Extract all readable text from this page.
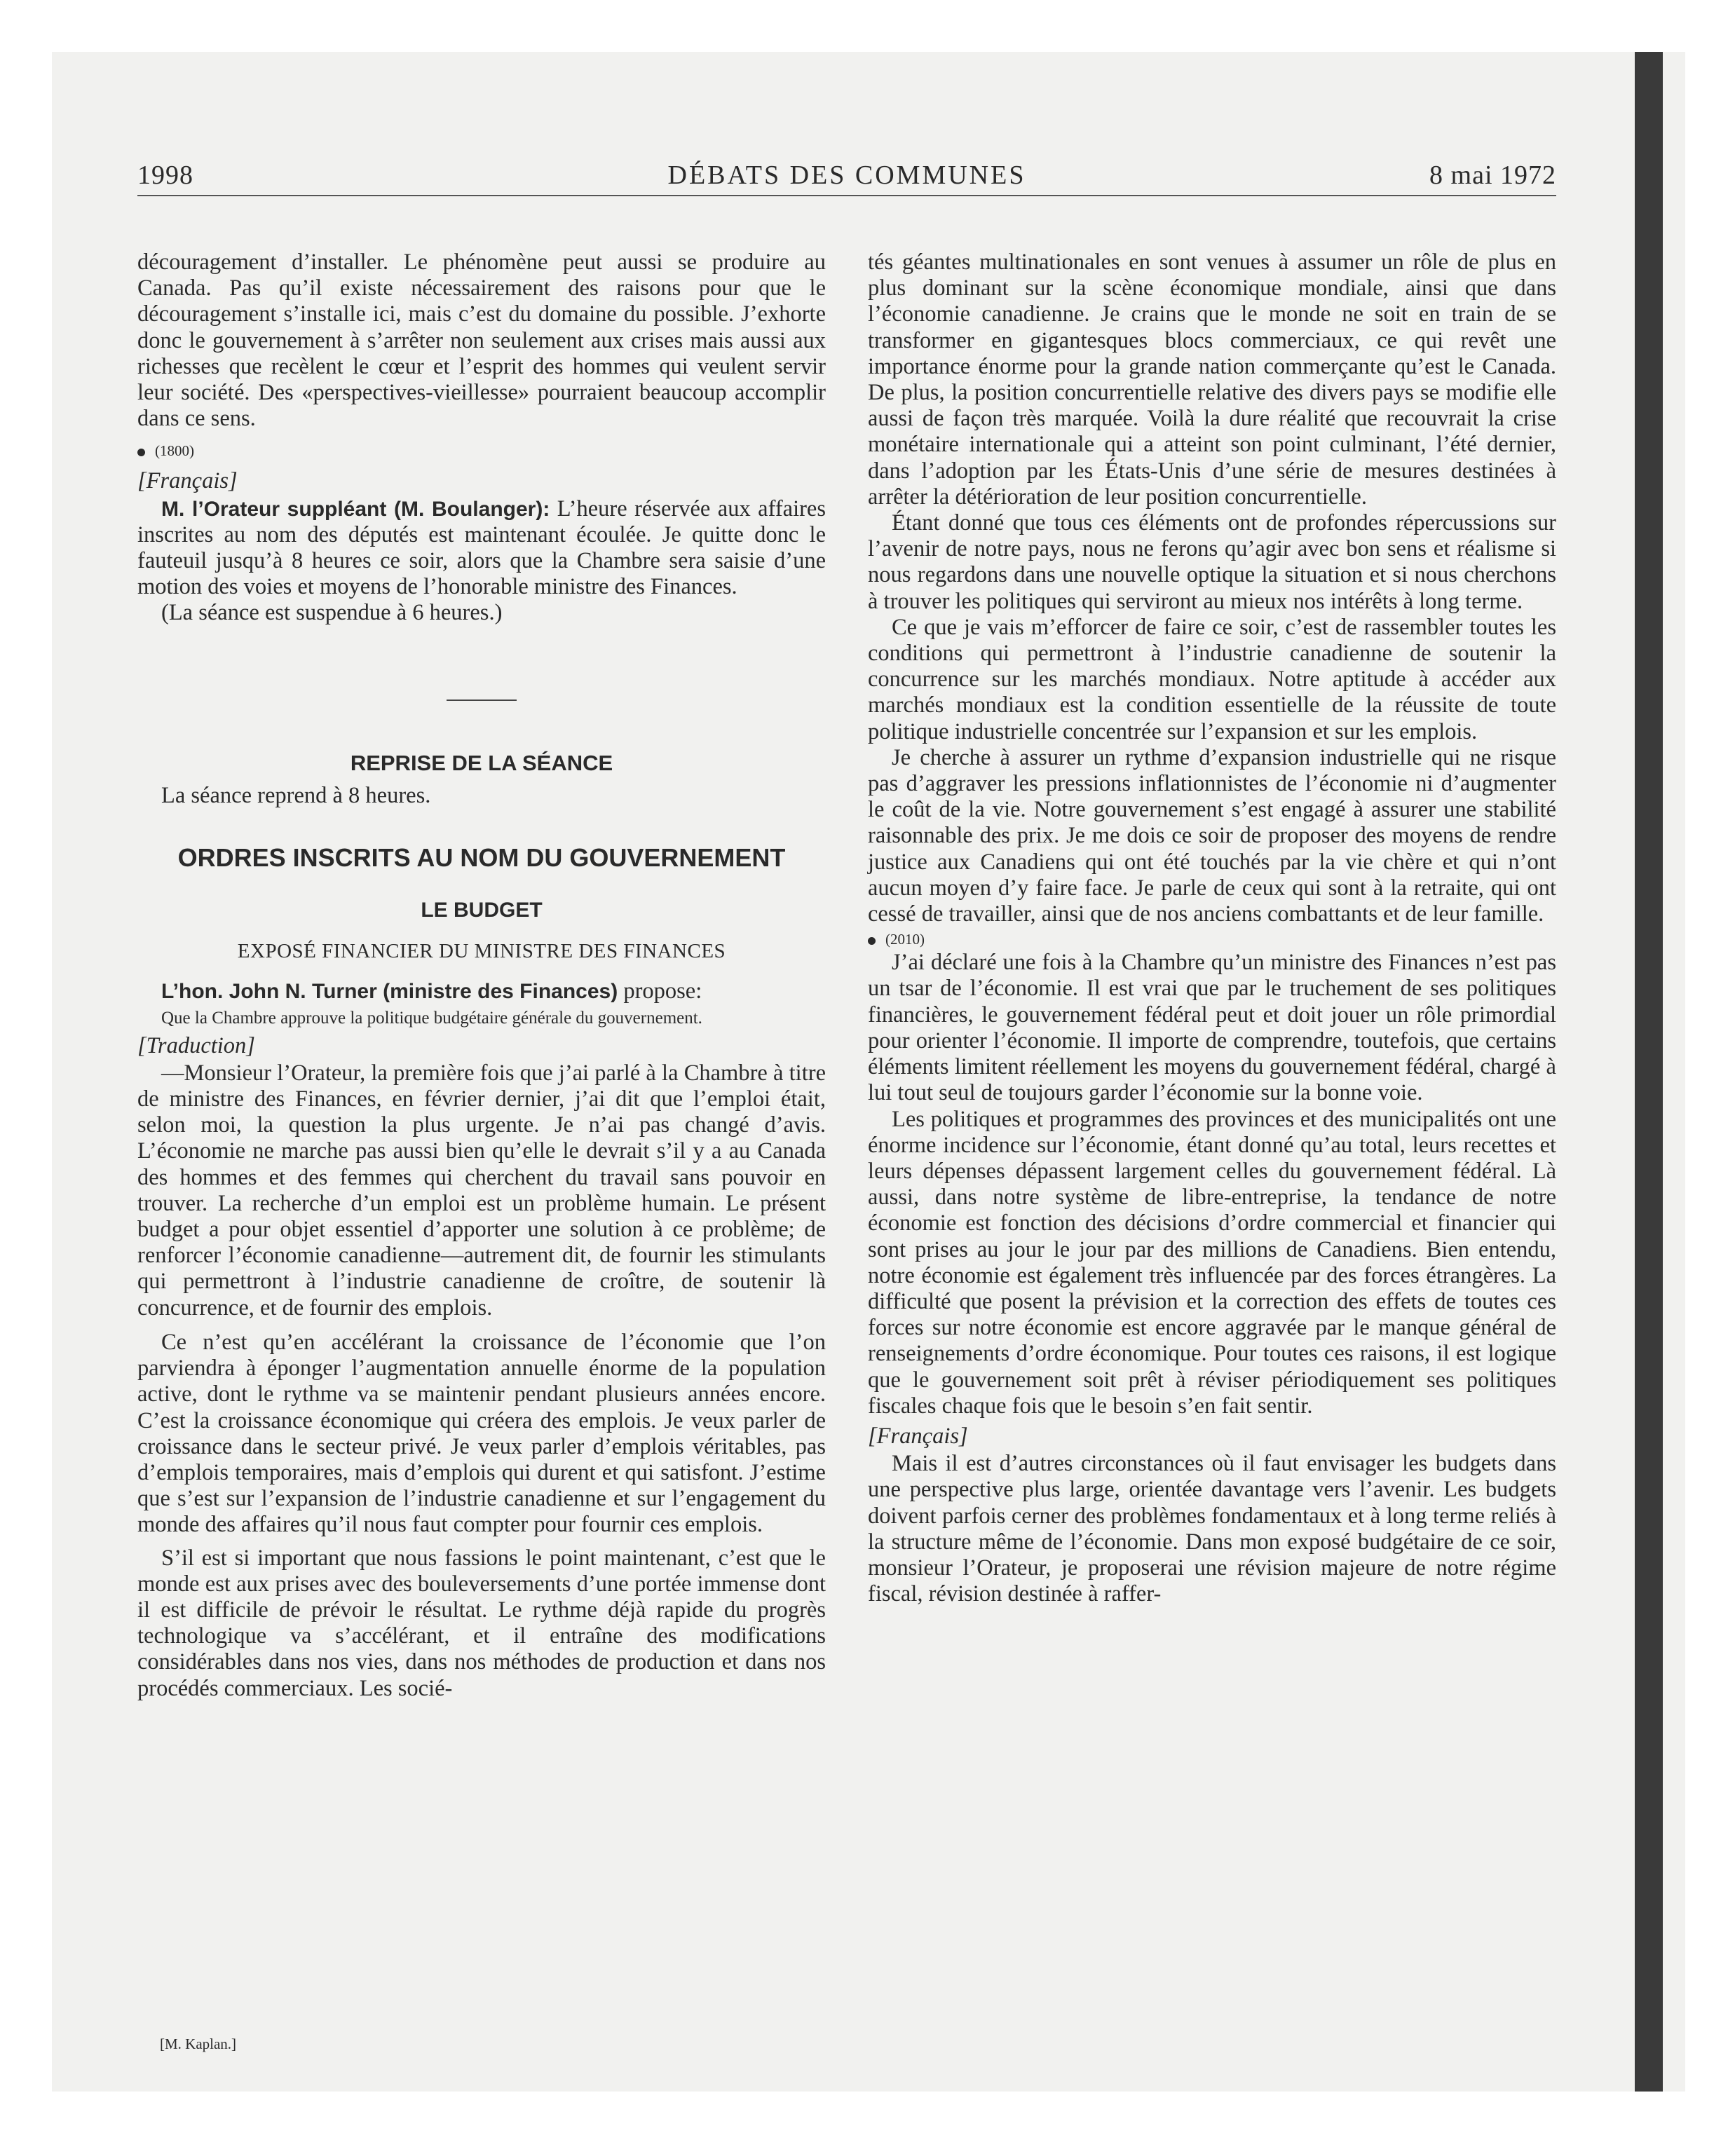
1998	DÉBATS DES COMMUNES	8 mai 1972

découragement d’installer. Le phénomène peut aussi se produire au Canada. Pas qu’il existe nécessairement des raisons pour que le découragement s’installe ici, mais c’est du domaine du possible. J’exhorte donc le gouvernement à s’arrêter non seulement aux crises mais aussi aux richesses que recèlent le cœur et l’esprit des hommes qui veulent servir leur société. Des «perspectives-vieillesse» pourraient beaucoup accomplir dans ce sens.

(1800)
[Français]

M. l’Orateur suppléant (M. Boulanger): L’heure réservée aux affaires inscrites au nom des députés est maintenant écoulée. Je quitte donc le fauteuil jusqu’à 8 heures ce soir, alors que la Chambre sera saisie d’une motion des voies et moyens de l’honorable ministre des Finances.

(La séance est suspendue à 6 heures.)

REPRISE DE LA SÉANCE

La séance reprend à 8 heures.

ORDRES INSCRITS AU NOM DU GOUVERNEMENT
LE BUDGET
EXPOSÉ FINANCIER DU MINISTRE DES FINANCES

L’hon. John N. Turner (ministre des Finances) propose:

Que la Chambre approuve la politique budgétaire générale du gouvernement.

[Traduction]

—Monsieur l’Orateur, la première fois que j’ai parlé à la Chambre à titre de ministre des Finances, en février dernier, j’ai dit que l’emploi était, selon moi, la question la plus urgente. Je n’ai pas changé d’avis. L’économie ne marche pas aussi bien qu’elle le devrait s’il y a au Canada des hommes et des femmes qui cherchent du travail sans pouvoir en trouver. La recherche d’un emploi est un problème humain. Le présent budget a pour objet essentiel d’apporter une solution à ce problème; de renforcer l’économie canadienne—autrement dit, de fournir les stimulants qui permettront à l’industrie canadienne de croître, de soutenir là concurrence, et de fournir des emplois.

Ce n’est qu’en accélérant la croissance de l’économie que l’on parviendra à éponger l’augmentation annuelle énorme de la population active, dont le rythme va se maintenir pendant plusieurs années encore. C’est la croissance économique qui créera des emplois. Je veux parler de croissance dans le secteur privé. Je veux parler d’emplois véritables, pas d’emplois temporaires, mais d’emplois qui durent et qui satisfont. J’estime que s’est sur l’expansion de l’industrie canadienne et sur l’engagement du monde des affaires qu’il nous faut compter pour fournir ces emplois.

S’il est si important que nous fassions le point maintenant, c’est que le monde est aux prises avec des bouleversements d’une portée immense dont il est difficile de prévoir le résultat. Le rythme déjà rapide du progrès technologique va s’accélérant, et il entraîne des modifications considérables dans nos vies, dans nos méthodes de production et dans nos procédés commerciaux. Les socié-

tés géantes multinationales en sont venues à assumer un rôle de plus en plus dominant sur la scène économique mondiale, ainsi que dans l’économie canadienne. Je crains que le monde ne soit en train de se transformer en gigantesques blocs commerciaux, ce qui revêt une importance énorme pour la grande nation commerçante qu’est le Canada. De plus, la position concurrentielle relative des divers pays se modifie elle aussi de façon très marquée. Voilà la dure réalité que recouvrait la crise monétaire internationale qui a atteint son point culminant, l’été dernier, dans l’adoption par les États-Unis d’une série de mesures destinées à arrêter la détérioration de leur position concurrentielle.

Étant donné que tous ces éléments ont de profondes répercussions sur l’avenir de notre pays, nous ne ferons qu’agir avec bon sens et réalisme si nous regardons dans une nouvelle optique la situation et si nous cherchons à trouver les politiques qui serviront au mieux nos intérêts à long terme.

Ce que je vais m’efforcer de faire ce soir, c’est de rassembler toutes les conditions qui permettront à l’industrie canadienne de soutenir la concurrence sur les marchés mondiaux. Notre aptitude à accéder aux marchés mondiaux est la condition essentielle de la réussite de toute politique industrielle concentrée sur l’expansion et sur les emplois.

Je cherche à assurer un rythme d’expansion industrielle qui ne risque pas d’aggraver les pressions inflationnistes de l’économie ni d’augmenter le coût de la vie. Notre gouvernement s’est engagé à assurer une stabilité raisonnable des prix. Je me dois ce soir de proposer des moyens de rendre justice aux Canadiens qui ont été touchés par la vie chère et qui n’ont aucun moyen d’y faire face. Je parle de ceux qui sont à la retraite, qui ont cessé de travailler, ainsi que de nos anciens combattants et de leur famille.

(2010)

J’ai déclaré une fois à la Chambre qu’un ministre des Finances n’est pas un tsar de l’économie. Il est vrai que par le truchement de ses politiques financières, le gouvernement fédéral peut et doit jouer un rôle primordial pour orienter l’économie. Il importe de comprendre, toutefois, que certains éléments limitent réellement les moyens du gouvernement fédéral, chargé à lui tout seul de toujours garder l’économie sur la bonne voie.

Les politiques et programmes des provinces et des municipalités ont une énorme incidence sur l’économie, étant donné qu’au total, leurs recettes et leurs dépenses dépassent largement celles du gouvernement fédéral. Là aussi, dans notre système de libre-entreprise, la tendance de notre économie est fonction des décisions d’ordre commercial et financier qui sont prises au jour le jour par des millions de Canadiens. Bien entendu, notre économie est également très influencée par des forces étrangères. La difficulté que posent la prévision et la correction des effets de toutes ces forces sur notre économie est encore aggravée par le manque général de renseignements d’ordre économique. Pour toutes ces raisons, il est logique que le gouvernement soit prêt à réviser périodiquement ses politiques fiscales chaque fois que le besoin s’en fait sentir.

[Français]

Mais il est d’autres circonstances où il faut envisager les budgets dans une perspective plus large, orientée davantage vers l’avenir. Les budgets doivent parfois cerner des problèmes fondamentaux et à long terme reliés à la structure même de l’économie. Dans mon exposé budgétaire de ce soir, monsieur l’Orateur, je proposerai une révision majeure de notre régime fiscal, révision destinée à raffer-

[M. Kaplan.]
